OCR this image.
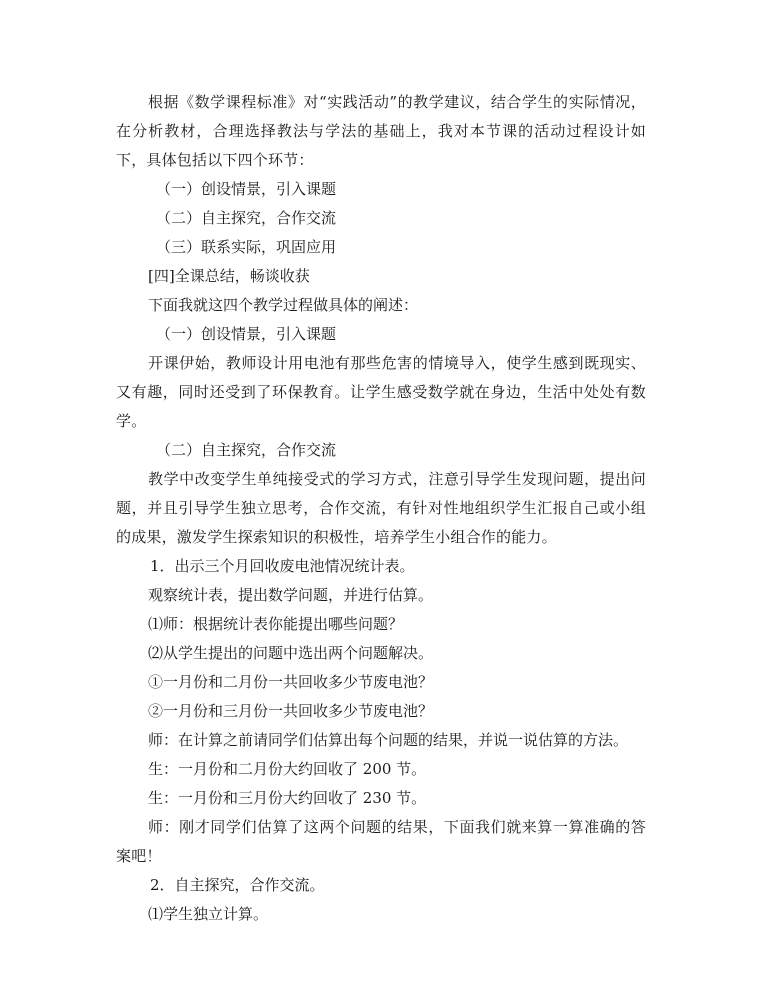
根据《数学课程标准》对“实践活动”的教学建议，结合学生的实际情况，在分析教材，合理选择教法与学法的基础上，我对本节课的活动过程设计如下，具体包括以下四个环节：

（一）创设情景，引入课题

（二）自主探究，合作交流

（三）联系实际，巩固应用

[四]全课总结，畅谈收获

下面我就这四个教学过程做具体的阐述：

（一）创设情景，引入课题

开课伊始，教师设计用电池有那些危害的情境导入，使学生感到既现实、又有趣，同时还受到了环保教育。让学生感受数学就在身边，生活中处处有数学。

（二）自主探究，合作交流

教学中改变学生单纯接受式的学习方式，注意引导学生发现问题，提出问题，并且引导学生独立思考，合作交流，有针对性地组织学生汇报自己或小组的成果，激发学生探索知识的积极性，培养学生小组合作的能力。

1．出示三个月回收废电池情况统计表。

观察统计表，提出数学问题，并进行估算。

⑴师：根据统计表你能提出哪些问题？

⑵从学生提出的问题中选出两个问题解决。

①一月份和二月份一共回收多少节废电池？

②一月份和三月份一共回收多少节废电池？

师：在计算之前请同学们估算出每个问题的结果，并说一说估算的方法。

生：一月份和二月份大约回收了 200 节。

生：一月份和三月份大约回收了 230 节。

师：刚才同学们估算了这两个问题的结果，下面我们就来算一算准确的答案吧！

2．自主探究，合作交流。

⑴学生独立计算。
